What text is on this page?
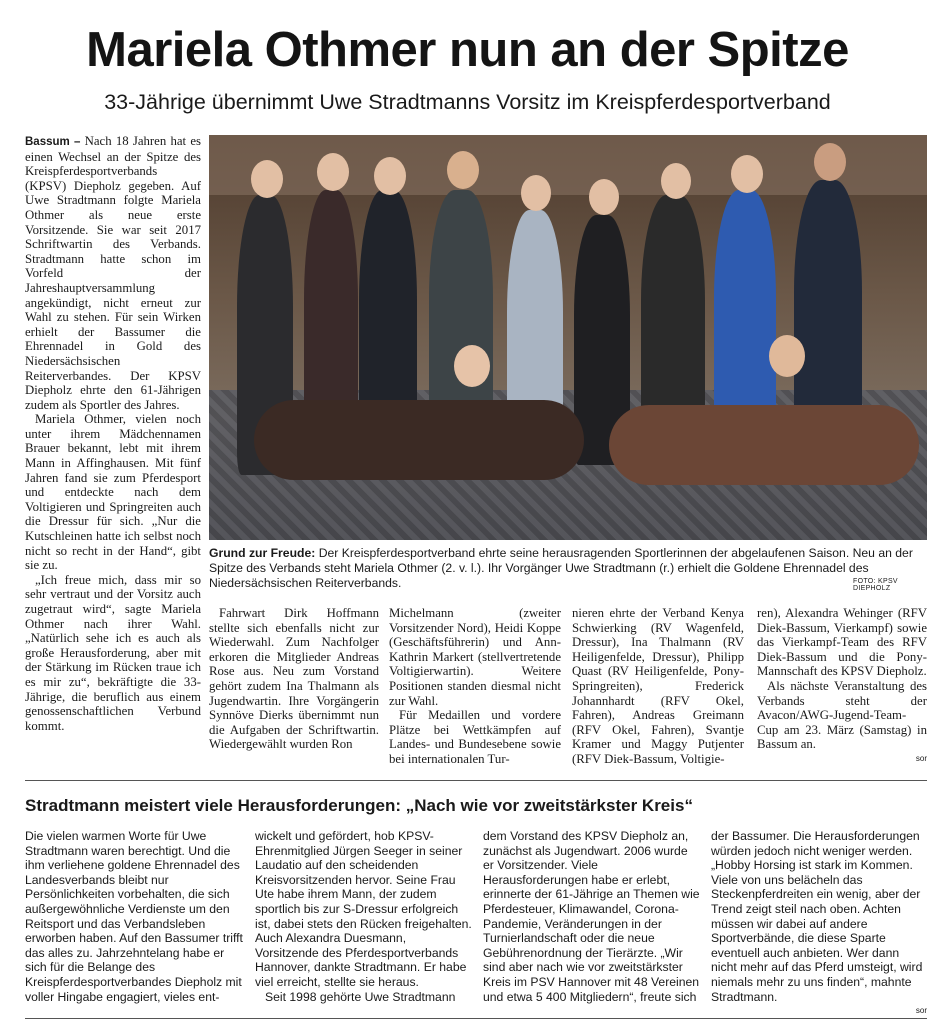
Mariela Othmer nun an der Spitze
33-Jährige übernimmt Uwe Stradtmanns Vorsitz im Kreispferdesportverband

Bassum – Nach 18 Jahren hat es einen Wechsel an der Spitze des Kreispferdesportverbands (KPSV) Diepholz gegeben. Auf Uwe Stradtmann folgte Mariela Othmer als neue erste Vorsitzende. Sie war seit 2017 Schriftwartin des Verbands. Stradtmann hatte schon im Vorfeld der Jahreshauptversammlung angekündigt, nicht erneut zur Wahl zu stehen. Für sein Wirken erhielt der Bassumer die Ehrennadel in Gold des Niedersächsischen Reiterverbandes. Der KPSV Diepholz ehrte den 61-Jährigen zudem als Sportler des Jahres.

Mariela Othmer, vielen noch unter ihrem Mädchennamen Brauer bekannt, lebt mit ihrem Mann in Affinghausen. Mit fünf Jahren fand sie zum Pferdesport und entdeckte nach dem Voltigieren und Springreiten auch die Dressur für sich. „Nur die Kutschleinen hatte ich selbst noch nicht so recht in der Hand“, gibt sie zu.

„Ich freue mich, dass mir so sehr vertraut und der Vorsitz auch zugetraut wird“, sagte Mariela Othmer nach ihrer Wahl. „Natürlich sehe ich es auch als große Herausforderung, aber mit der Stärkung im Rücken traue ich es mir zu“, bekräftigte die 33-Jährige, die beruflich aus einem genossenschaftlichen Verbund kommt.

Grund zur Freude: Der Kreispferdesportverband ehrte seine herausragenden Sportlerinnen der abgelaufenen Saison. Neu an der Spitze des Verbands steht Mariela Othmer (2. v. l.). Ihr Vorgänger Uwe Stradtmann (r.) erhielt die Goldene Ehrennadel des Niedersächsischen Reiterverbands.	FOTO: KPSV DIEPHOLZ

Fahrwart Dirk Hoffmann stellte sich ebenfalls nicht zur Wiederwahl. Zum Nachfolger erkoren die Mitglieder Andreas Rose aus. Neu zum Vorstand gehört zudem Ina Thalmann als Jugendwartin. Ihre Vorgängerin Synnöve Dierks übernimmt nun die Aufgaben der Schriftwartin. Wiedergewählt wurden Ron

Michelmann (zweiter Vorsitzender Nord), Heidi Koppe (Geschäftsführerin) und Ann-Kathrin Markert (stellvertretende Voltigierwartin). Weitere Positionen standen diesmal nicht zur Wahl.

Für Medaillen und vordere Plätze bei Wettkämpfen auf Landes- und Bundesebene sowie bei internationalen Tur-

nieren ehrte der Verband Kenya Schwierking (RV Wagenfeld, Dressur), Ina Thalmann (RV Heiligenfelde, Dressur), Philipp Quast (RV Heiligenfelde, Pony-Springreiten), Frederick Johannhardt (RFV Okel, Fahren), Andreas Greimann (RFV Okel, Fahren), Svantje Kramer und Maggy Putjenter (RFV Diek-Bassum, Voltigie-

ren), Alexandra Wehinger (RFV Diek-Bassum, Vierkampf) sowie das Vierkampf-Team des RFV Diek-Bassum und die Pony-Mannschaft des KPSV Diepholz.

Als nächste Veranstaltung des Verbands steht der Avacon/AWG-Jugend-Team-Cup am 23. März (Samstag) in Bassum an.

sor
Stradtmann meistert viele Herausforderungen: „Nach wie vor zweitstärkster Kreis“

Die vielen warmen Worte für Uwe Stradtmann waren berechtigt. Und die ihm verliehene goldene Ehrennadel des Landesverbands bleibt nur Persönlichkeiten vorbehalten, die sich außergewöhnliche Verdienste um den Reitsport und das Verbandsleben erworben haben. Auf den Bassumer trifft das alles zu. Jahrzehntelang habe er sich für die Belange des Kreispferdesportverbandes Diepholz mit voller Hingabe engagiert, vieles ent-

wickelt und gefördert, hob KPSV-Ehrenmitglied Jürgen Seeger in seiner Laudatio auf den scheidenden Kreisvorsitzenden hervor. Seine Frau Ute habe ihrem Mann, der zudem sportlich bis zur S-Dressur erfolgreich ist, dabei stets den Rücken freigehalten. Auch Alexandra Duesmann, Vorsitzende des Pferdesportverbands Hannover, dankte Stradtmann. Er habe viel erreicht, stellte sie heraus.

Seit 1998 gehörte Uwe Stradtmann

dem Vorstand des KPSV Diepholz an, zunächst als Jugendwart. 2006 wurde er Vorsitzender. Viele Herausforderungen habe er erlebt, erinnerte der 61-Jährige an Themen wie Pferdesteuer, Klimawandel, Corona-Pandemie, Veränderungen in der Turnierlandschaft oder die neue Gebührenordnung der Tierärzte. „Wir sind aber nach wie vor zweitstärkster Kreis im PSV Hannover mit 48 Vereinen und etwa 5 400 Mitgliedern“, freute sich

der Bassumer. Die Herausforderungen würden jedoch nicht weniger werden. „Hobby Horsing ist stark im Kommen. Viele von uns belächeln das Steckenpferdreiten ein wenig, aber der Trend zeigt steil nach oben. Achten müssen wir dabei auf andere Sportverbände, die diese Sparte eventuell auch anbieten. Wer dann nicht mehr auf das Pferd umsteigt, wird niemals mehr zu uns finden“, mahnte Stradtmann.

sor
